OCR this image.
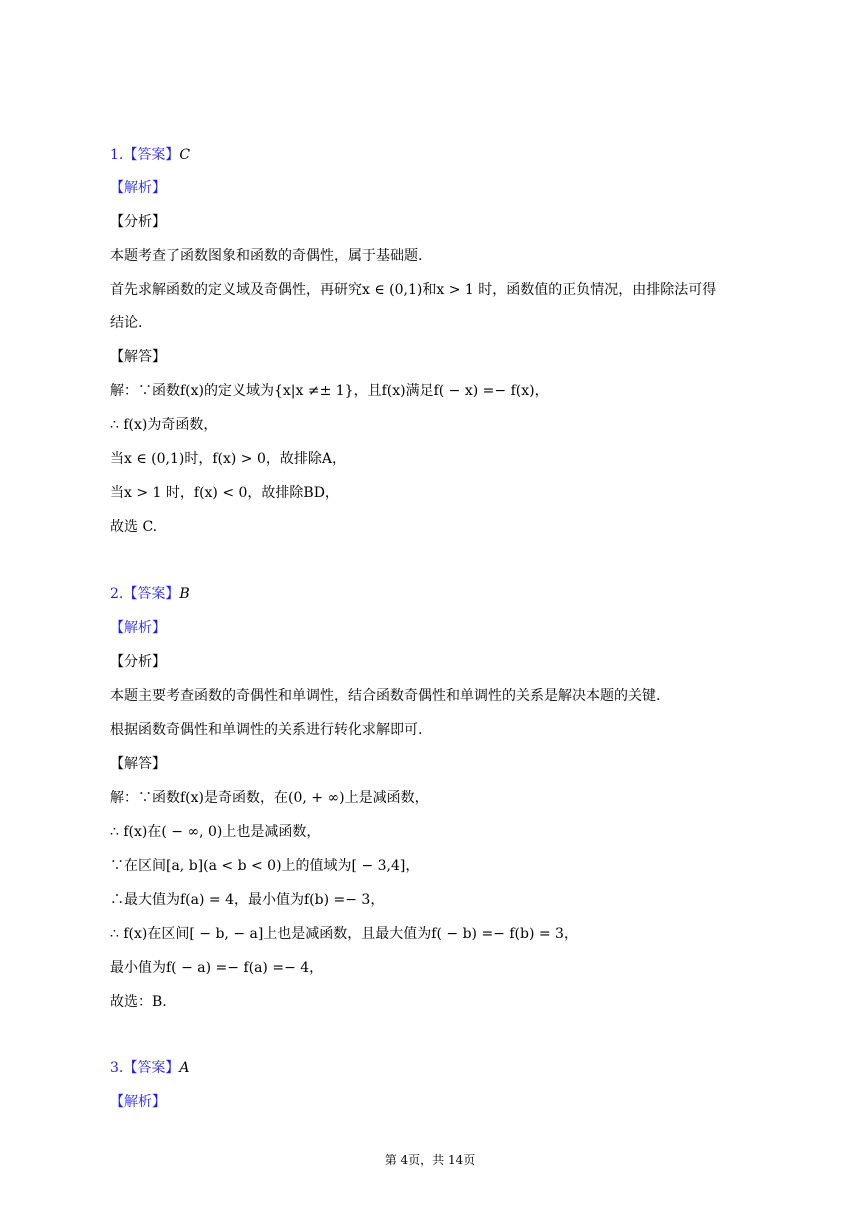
1.【答案】C
【解析】
【分析】
本题考查了函数图象和函数的奇偶性，属于基础题.
首先求解函数的定义域及奇偶性，再研究x ∈ (0,1)和x > 1 时，函数值的正负情况，由排除法可得
结论.
【解答】
解：∵函数f(x)的定义域为{x|x ≠± 1}，且f(x)满足f( − x) =− f(x)，
∴ f(x)为奇函数，
当x ∈ (0,1)时，f(x) > 0，故排除A，
当x > 1 时，f(x) < 0，故排除BD，
故选 C.
2.【答案】B
【解析】
【分析】
本题主要考查函数的奇偶性和单调性，结合函数奇偶性和单调性的关系是解决本题的关键.
根据函数奇偶性和单调性的关系进行转化求解即可.
【解答】
解：∵函数f(x)是奇函数，在(0, + ∞)上是减函数，
∴ f(x)在( − ∞, 0)上也是减函数，
∵在区间[a, b](a < b < 0)上的值域为[ − 3,4]，
∴最大值为f(a) = 4，最小值为f(b) =− 3，
∴ f(x)在区间[ − b, − a]上也是减函数，且最大值为f( − b) =− f(b) = 3，
最小值为f( − a) =− f(a) =− 4，
故选：B.
3.【答案】A
【解析】
第 4页，共 14页
